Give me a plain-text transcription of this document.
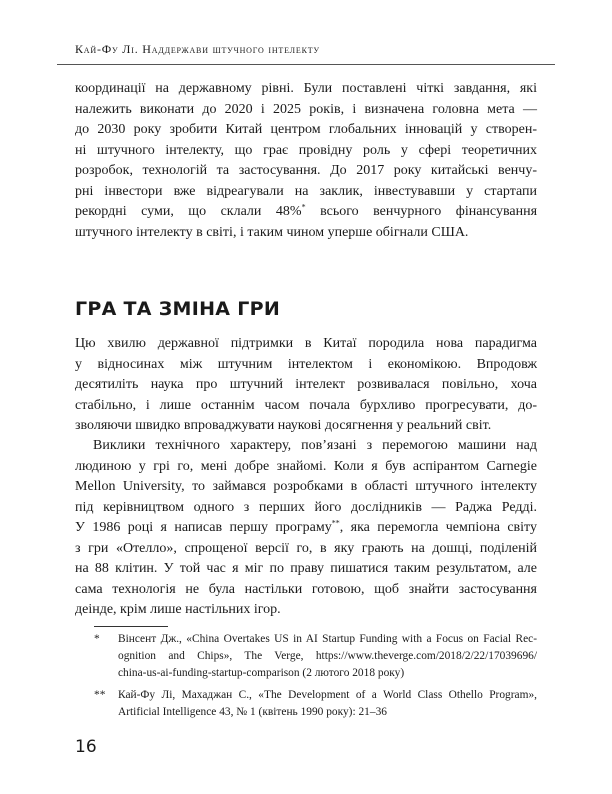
Кай-Фу Лі. Наддержави штучного інтелекту
координації на державному рівні. Були поставлені чіткі завдання, які
належить виконати до 2020 і 2025 років, і визначена головна мета —
до 2030 року зробити Китай центром глобальних інновацій у створен-
ні штучного інтелекту, що грає провідну роль у сфері теоретичних
розробок, технологій та застосування. До 2017 року китайські венчу-
рні інвестори вже відреагували на заклик, інвестувавши у стартапи
рекордні суми, що склали 48%* всього венчурного фінансування
штучного інтелекту в світі, і таким чином уперше обігнали США.
ГРА ТА ЗМІНА ГРИ
Цю хвилю державної підтримки в Китаї породила нова парадигма
у відносинах між штучним інтелектом і економікою. Впродовж
десятиліть наука про штучний інтелект розвивалася повільно, хоча
стабільно, і лише останнім часом почала бурхливо прогресувати, до-
зволяючи швидко впроваджувати наукові досягнення у реальний світ.
Виклики технічного характеру, пов’язані з перемогою машини над
людиною у грі го, мені добре знайомі. Коли я був аспірантом Carnegie
Mellon University, то займався розробками в області штучного інтелекту
під керівництвом одного з перших його дослідників — Раджа Редді.
У 1986 році я написав першу програму**, яка перемогла чемпіона світу
з гри «Отелло», спрощеної версії го, в яку грають на дошці, поділеній
на 88 клітин. У той час я міг по праву пишатися таким результатом, але
сама технологія не була настільки готовою, щоб знайти застосування
деінде, крім лише настільних ігор.
* Вінсент Дж., «China Overtakes US in AI Startup Funding with a Focus on Facial Rec-
ognition and Chips», The Verge, https://www.theverge.com/2018/2/22/17039696/
china-us-ai-funding-startup-comparison (2 лютого 2018 року)
** Кай-Фу Лі, Махаджан С., «The Development of a World Class Othello Program»,
Artificial Intelligence 43, № 1 (квітень 1990 року): 21–36
16
